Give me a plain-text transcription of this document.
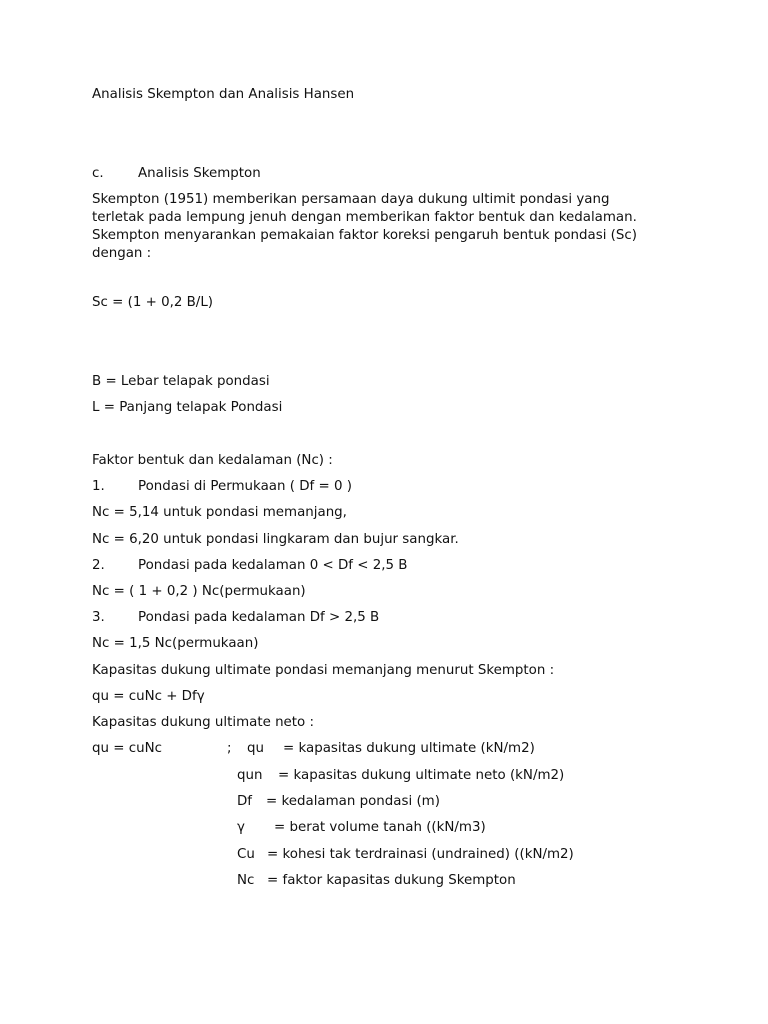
Analisis Skempton dan Analisis Hansen
c.	Analisis Skempton
Skempton (1951) memberikan persamaan daya dukung ultimit pondasi yang
terletak pada lempung jenuh dengan memberikan faktor bentuk dan kedalaman.
Skempton menyarankan pemakaian faktor koreksi pengaruh bentuk pondasi (Sc)
dengan :
Sc = (1 + 0,2 B/L)
B = Lebar telapak pondasi
L = Panjang telapak Pondasi
Faktor bentuk dan kedalaman (Nc) :
1. Pondasi di Permukaan ( Df = 0 )
Nc = 5,14 untuk pondasi memanjang,
Nc = 6,20 untuk pondasi lingkaram dan bujur sangkar.
2. Pondasi pada kedalaman 0 < Df < 2,5 B
Nc = ( 1 + 0,2 ) Nc(permukaan)
3. Pondasi pada kedalaman Df > 2,5 B
Nc = 1,5 Nc(permukaan)
Kapasitas dukung ultimate pondasi memanjang menurut Skempton :
qu = cuNc + Dfγ
Kapasitas dukung ultimate neto :
qu = cuNc	; qu = kapasitas dukung ultimate (kN/m2)
qun = kapasitas dukung ultimate neto (kN/m2)
Df = kedalaman pondasi (m)
γ = berat volume tanah ((kN/m3)
Cu = kohesi tak terdrainasi (undrained) ((kN/m2)
Nc = faktor kapasitas dukung Skempton
